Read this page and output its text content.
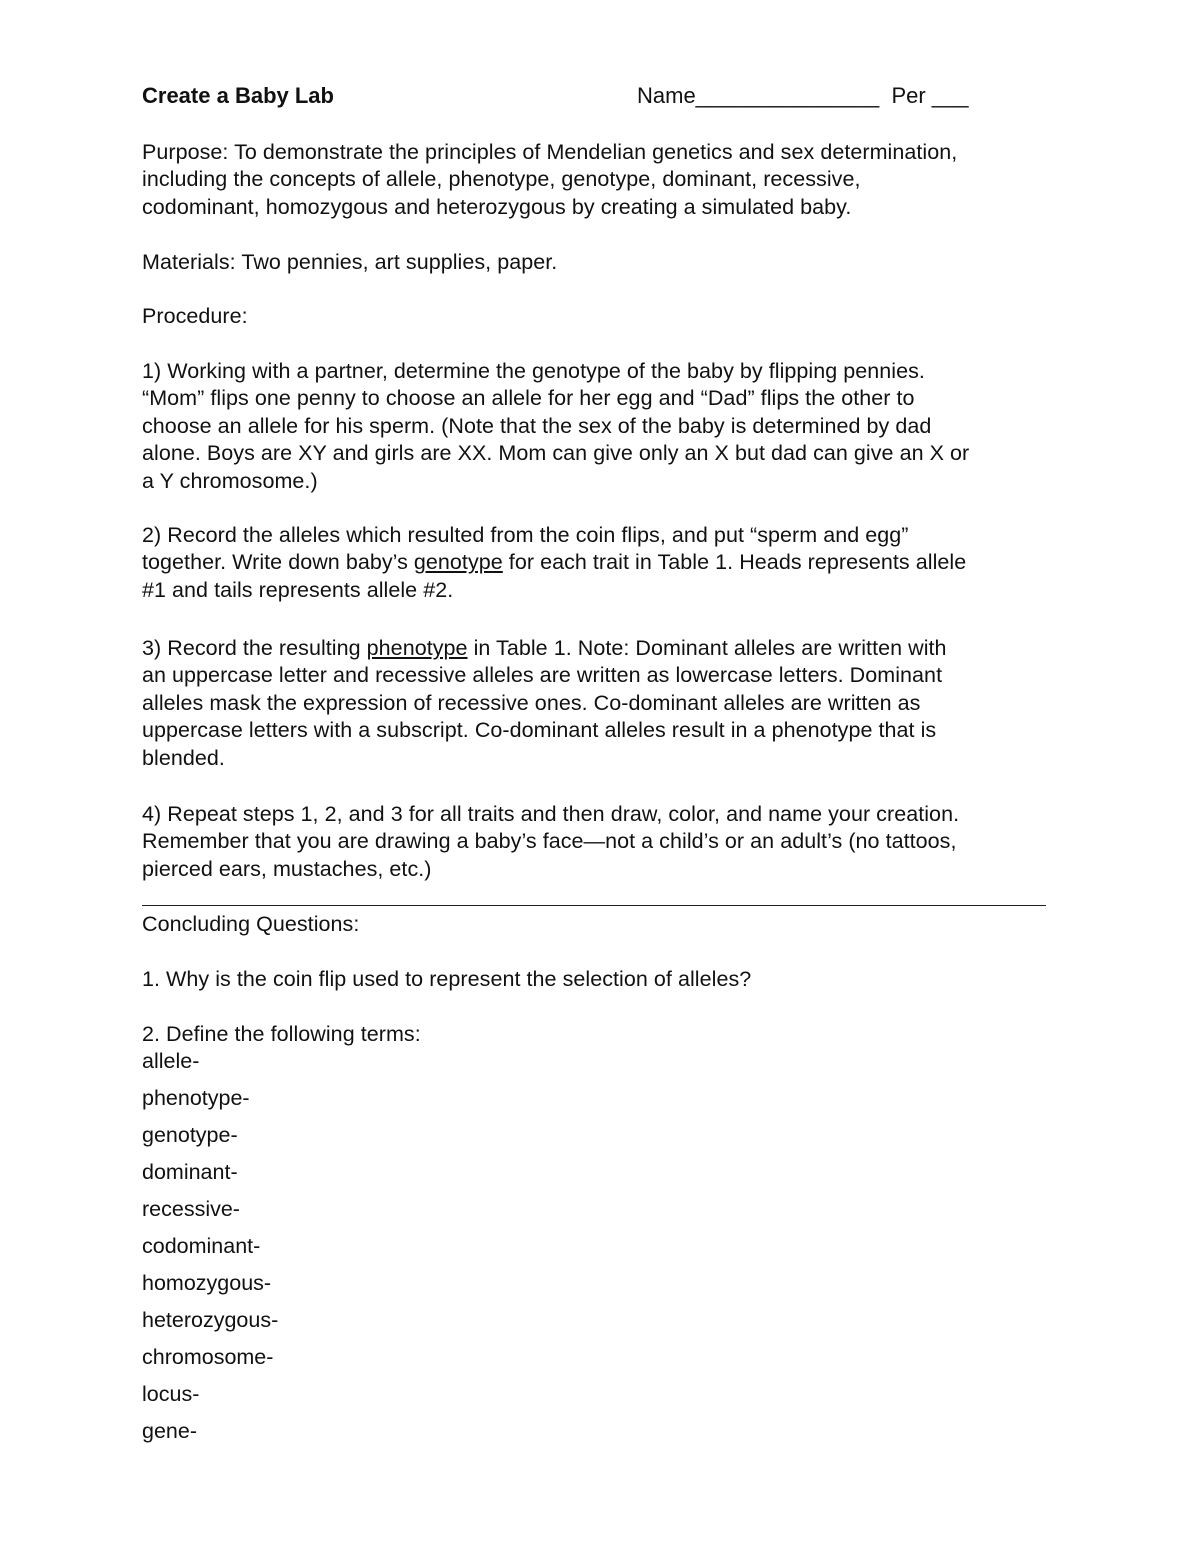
Create a Baby Lab	Name_______________ Per ___
Purpose: To demonstrate the principles of Mendelian genetics and sex determination,
including the concepts of allele, phenotype, genotype, dominant, recessive,
codominant, homozygous and heterozygous by creating a simulated baby.
Materials: Two pennies, art supplies, paper.
Procedure:
1) Working with a partner, determine the genotype of the baby by flipping pennies.
“Mom” flips one penny to choose an allele for her egg and “Dad” flips the other to
choose an allele for his sperm. (Note that the sex of the baby is determined by dad
alone. Boys are XY and girls are XX. Mom can give only an X but dad can give an X or
a Y chromosome.)
2) Record the alleles which resulted from the coin flips, and put “sperm and egg”
together. Write down baby’s genotype for each trait in Table 1. Heads represents allele
#1 and tails represents allele #2.
3) Record the resulting phenotype in Table 1. Note: Dominant alleles are written with
an uppercase letter and recessive alleles are written as lowercase letters. Dominant
alleles mask the expression of recessive ones. Co-dominant alleles are written as
uppercase letters with a subscript. Co-dominant alleles result in a phenotype that is
blended.
4) Repeat steps 1, 2, and 3 for all traits and then draw, color, and name your creation.
Remember that you are drawing a baby’s face—not a child’s or an adult’s (no tattoos,
pierced ears, mustaches, etc.)
Concluding Questions:
1. Why is the coin flip used to represent the selection of alleles?
2. Define the following terms:
allele-
phenotype-
genotype-
dominant-
recessive-
codominant-
homozygous-
heterozygous-
chromosome-
locus-
gene-
